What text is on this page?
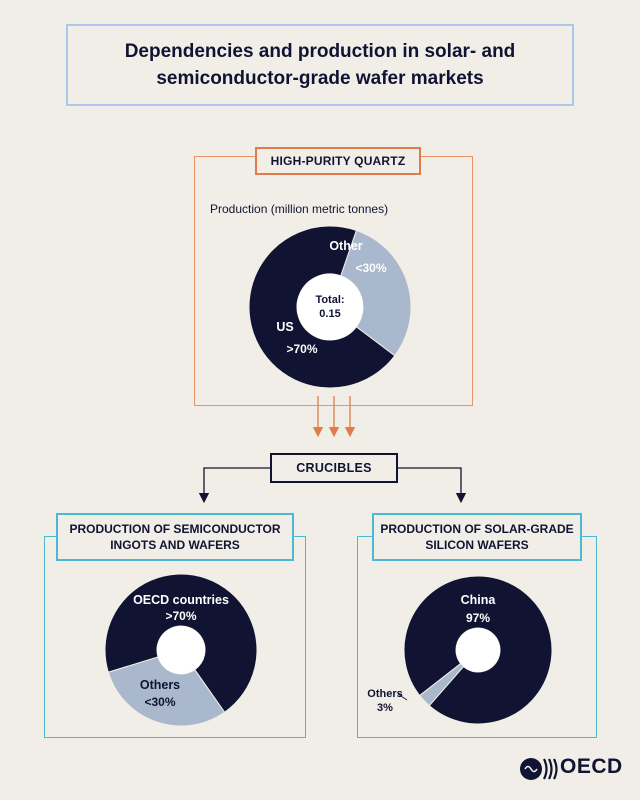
Dependencies and production in solar- and semiconductor-grade wafer markets
HIGH-PURITY QUARTZ
Production (million metric tonnes)
Other
<30%
US
>70%
Total:
0.15
OECD countries
>70%
Others
<30%
China
97%
Others
3%
CRUCIBLES
PRODUCTION OF SEMICONDUCTOR INGOTS AND WAFERS
PRODUCTION OF SOLAR-GRADE SILICON WAFERS
OECD
